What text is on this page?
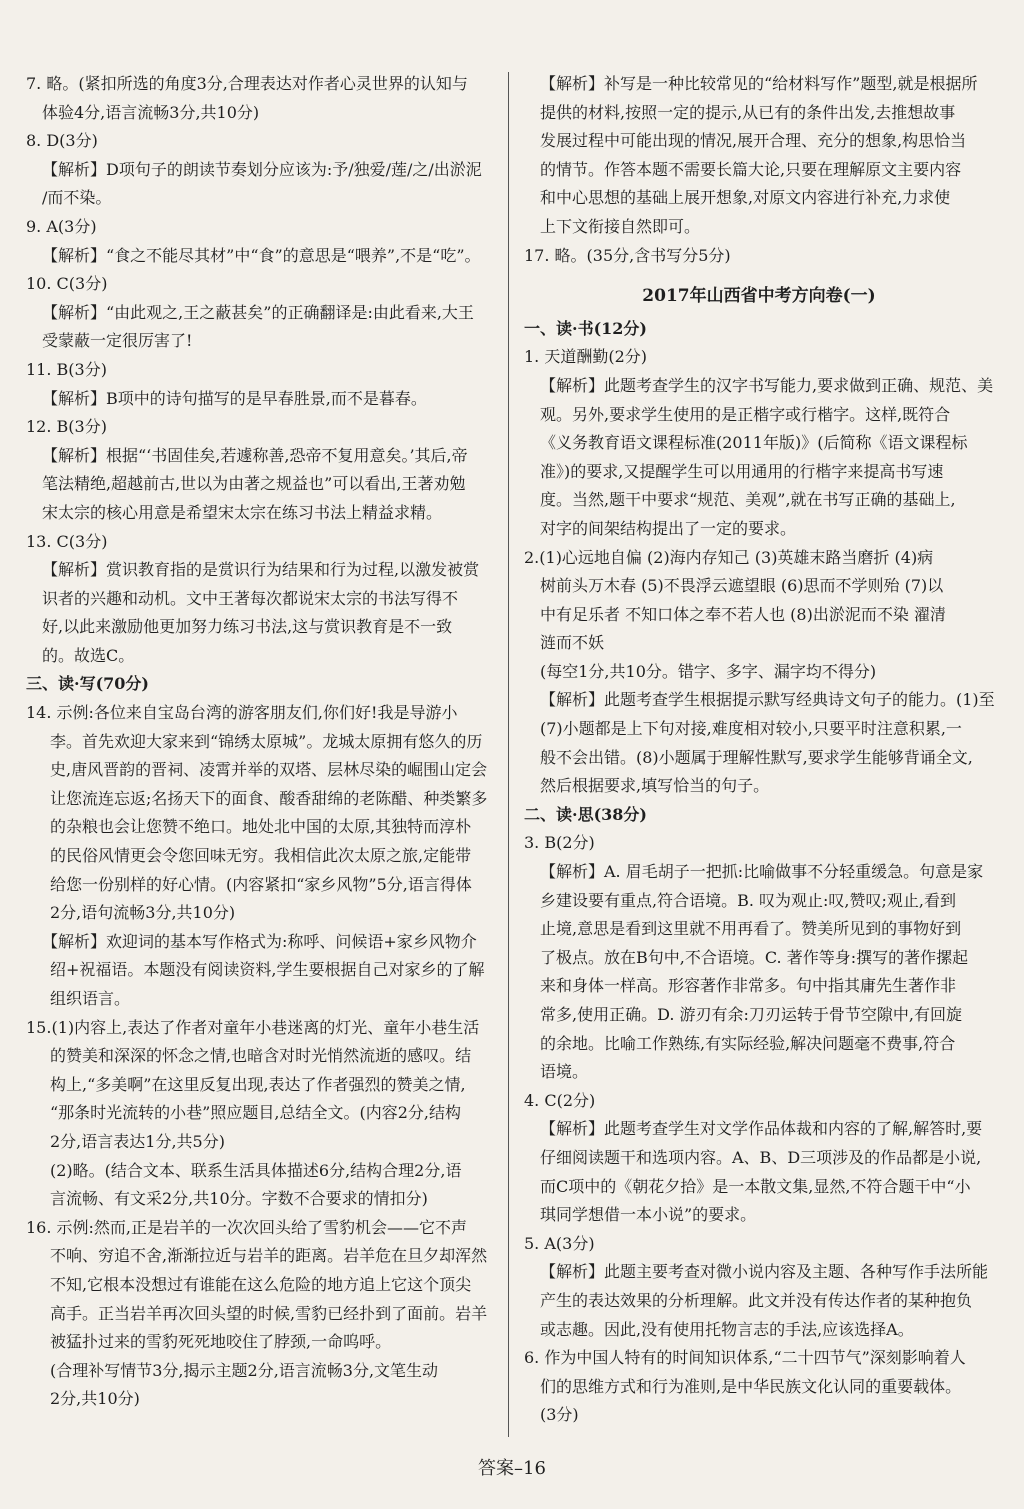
7. 略。(紧扣所选的角度3分,合理表达对作者心灵世界的认知与
体验4分,语言流畅3分,共10分)
8. D(3分)
【解析】D项句子的朗读节奏划分应该为:予/独爱/莲/之/出淤泥
/而不染。
9. A(3分)
【解析】“食之不能尽其材”中“食”的意思是“喂养”,不是“吃”。
10. C(3分)
【解析】“由此观之,王之蔽甚矣”的正确翻译是:由此看来,大王
受蒙蔽一定很厉害了!
11. B(3分)
【解析】B项中的诗句描写的是早春胜景,而不是暮春。
12. B(3分)
【解析】根据“‘书固佳矣,若遽称善,恐帝不复用意矣。’其后,帝
笔法精绝,超越前古,世以为由著之规益也”可以看出,王著劝勉
宋太宗的核心用意是希望宋太宗在练习书法上精益求精。
13. C(3分)
【解析】赏识教育指的是赏识行为结果和行为过程,以激发被赏
识者的兴趣和动机。文中王著每次都说宋太宗的书法写得不
好,以此来激励他更加努力练习书法,这与赏识教育是不一致
的。故选C。
三、读·写(70分)
14. 示例:各位来自宝岛台湾的游客朋友们,你们好!我是导游小
李。首先欢迎大家来到“锦绣太原城”。龙城太原拥有悠久的历
史,唐风晋韵的晋祠、凌霄并举的双塔、层林尽染的崛围山定会
让您流连忘返;名扬天下的面食、酸香甜绵的老陈醋、种类繁多
的杂粮也会让您赞不绝口。地处北中国的太原,其独特而淳朴
的民俗风情更会令您回味无穷。我相信此次太原之旅,定能带
给您一份别样的好心情。(内容紧扣“家乡风物”5分,语言得体
2分,语句流畅3分,共10分)
【解析】欢迎词的基本写作格式为:称呼、问候语+家乡风物介
绍+祝福语。本题没有阅读资料,学生要根据自己对家乡的了解
组织语言。
15.(1)内容上,表达了作者对童年小巷迷离的灯光、童年小巷生活
的赞美和深深的怀念之情,也暗含对时光悄然流逝的感叹。结
构上,“多美啊”在这里反复出现,表达了作者强烈的赞美之情,
“那条时光流转的小巷”照应题目,总结全文。(内容2分,结构
2分,语言表达1分,共5分)
(2)略。(结合文本、联系生活具体描述6分,结构合理2分,语
言流畅、有文采2分,共10分。字数不合要求的情扣分)
16. 示例:然而,正是岩羊的一次次回头给了雪豹机会——它不声
不响、穷追不舍,渐渐拉近与岩羊的距离。岩羊危在旦夕却浑然
不知,它根本没想过有谁能在这么危险的地方追上它这个顶尖
高手。正当岩羊再次回头望的时候,雪豹已经扑到了面前。岩羊
被猛扑过来的雪豹死死地咬住了脖颈,一命呜呼。
(合理补写情节3分,揭示主题2分,语言流畅3分,文笔生动
2分,共10分)
【解析】补写是一种比较常见的“给材料写作”题型,就是根据所
提供的材料,按照一定的提示,从已有的条件出发,去推想故事
发展过程中可能出现的情况,展开合理、充分的想象,构思恰当
的情节。作答本题不需要长篇大论,只要在理解原文主要内容
和中心思想的基础上展开想象,对原文内容进行补充,力求使
上下文衔接自然即可。
17. 略。(35分,含书写分5分)
2017年山西省中考方向卷(一)
一、读·书(12分)
1. 天道酬勤(2分)
【解析】此题考查学生的汉字书写能力,要求做到正确、规范、美
观。另外,要求学生使用的是正楷字或行楷字。这样,既符合
《义务教育语文课程标准(2011年版)》(后简称《语文课程标
准》)的要求,又提醒学生可以用通用的行楷字来提高书写速
度。当然,题干中要求“规范、美观”,就在书写正确的基础上,
对字的间架结构提出了一定的要求。
2.(1)心远地自偏 (2)海内存知己 (3)英雄末路当磨折 (4)病
树前头万木春 (5)不畏浮云遮望眼 (6)思而不学则殆 (7)以
中有足乐者 不知口体之奉不若人也 (8)出淤泥而不染 濯清
涟而不妖
(每空1分,共10分。错字、多字、漏字均不得分)
【解析】此题考查学生根据提示默写经典诗文句子的能力。(1)至
(7)小题都是上下句对接,难度相对较小,只要平时注意积累,一
般不会出错。(8)小题属于理解性默写,要求学生能够背诵全文,
然后根据要求,填写恰当的句子。
二、读·思(38分)
3. B(2分)
【解析】A. 眉毛胡子一把抓:比喻做事不分轻重缓急。句意是家
乡建设要有重点,符合语境。B. 叹为观止:叹,赞叹;观止,看到
止境,意思是看到这里就不用再看了。赞美所见到的事物好到
了极点。放在B句中,不合语境。C. 著作等身:撰写的著作摞起
来和身体一样高。形容著作非常多。句中指其庸先生著作非
常多,使用正确。D. 游刃有余:刀刃运转于骨节空隙中,有回旋
的余地。比喻工作熟练,有实际经验,解决问题毫不费事,符合
语境。
4. C(2分)
【解析】此题考查学生对文学作品体裁和内容的了解,解答时,要
仔细阅读题干和选项内容。A、B、D三项涉及的作品都是小说,
而C项中的《朝花夕拾》是一本散文集,显然,不符合题干中“小
琪同学想借一本小说”的要求。
5. A(3分)
【解析】此题主要考查对微小说内容及主题、各种写作手法所能
产生的表达效果的分析理解。此文并没有传达作者的某种抱负
或志趣。因此,没有使用托物言志的手法,应该选择A。
6. 作为中国人特有的时间知识体系,“二十四节气”深刻影响着人
们的思维方式和行为准则,是中华民族文化认同的重要载体。
(3分)
答案–16
